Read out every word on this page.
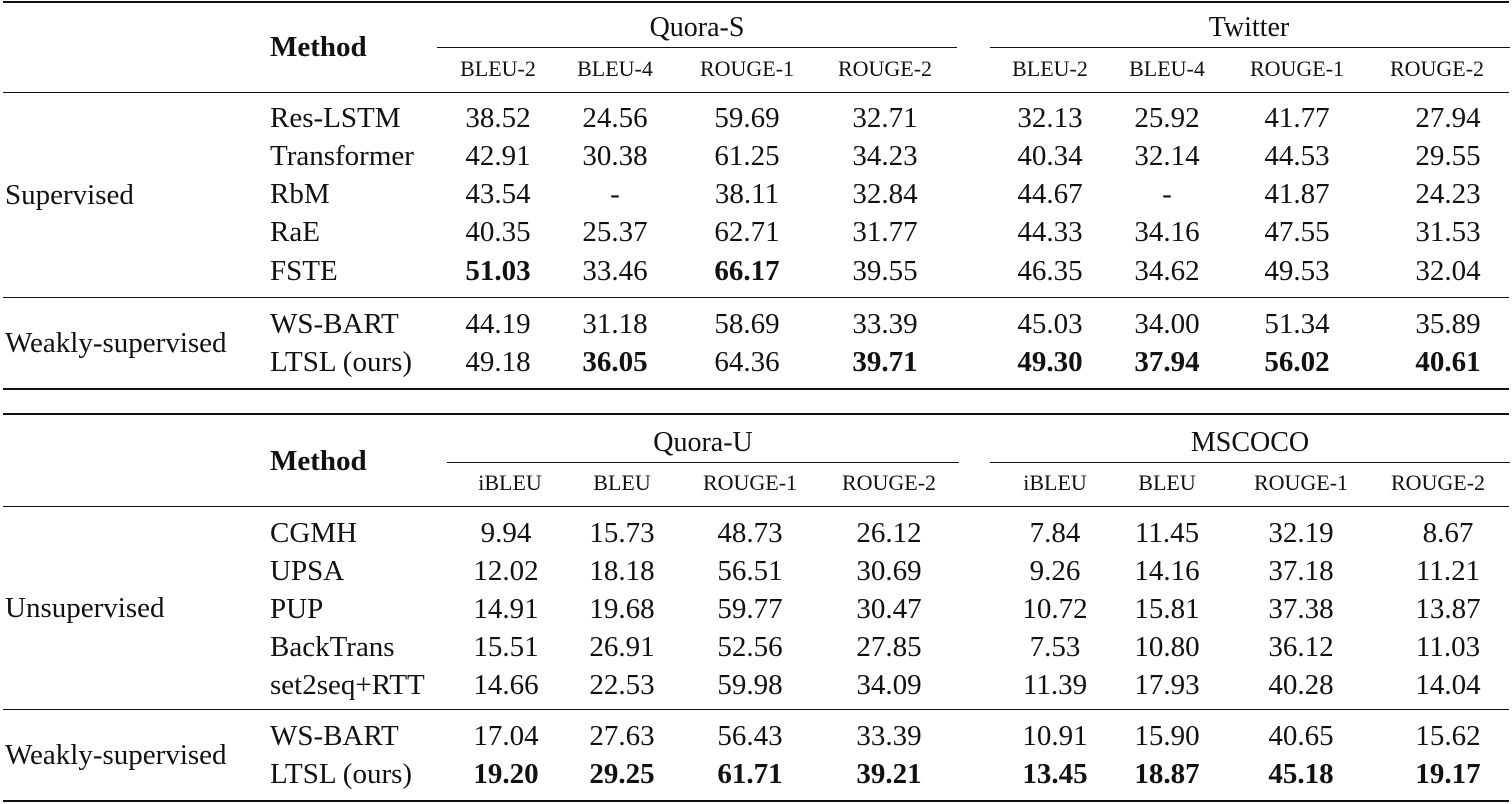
Method
Quora-S	Twitter
BLEU-2 BLEU-4 ROUGE-1 ROUGE-2	BLEU-2 BLEU-4 ROUGE-1 ROUGE-2
Supervised
Weakly-supervised
Res-LSTM 38.52 24.56 59.69	32.71	32.13 25.92 41.77	27.94
Transformer 42.91 30.38 61.25	34.23	40.34 32.14 44.53	29.55
RbM	43.54	-	38.11	32.84	44.67	-	41.87	24.23
RaE	40.35 25.37 62.71	31.77	44.33 34.16 47.55	31.53
FSTE	51.03 33.46 66.17	39.55	46.35 34.62 49.53	32.04
WS-BART 44.19 31.18 58.69	33.39	45.03 34.00 51.34	35.89
LTSL (ours) 49.18 36.05 64.36	39.71	49.30 37.94 56.02	40.61
Method
Quora-U	MSCOCO
iBLEU BLEU ROUGE-1 ROUGE-2	iBLEU BLEU	ROUGE-1 ROUGE-2
Unsupervised
Weakly-supervised
CGMH	9.94 15.73 48.73	26.12	7.84 11.45 32.19	8.67
UPSA	12.02 18.18 56.51	30.69	9.26 14.16 37.18	11.21
PUP	14.91 19.68 59.77	30.47	10.72 15.81 37.38	13.87
BackTrans	15.51 26.91 52.56	27.85	7.53 10.80 36.12	11.03
set2seq+RTT 14.66 22.53 59.98	34.09	11.39 17.93 40.28	14.04
WS-BART	17.04 27.63 56.43	33.39	10.91 15.90 40.65	15.62
LTSL (ours) 19.20 29.25 61.71	39.21	13.45 18.87 45.18	19.17
